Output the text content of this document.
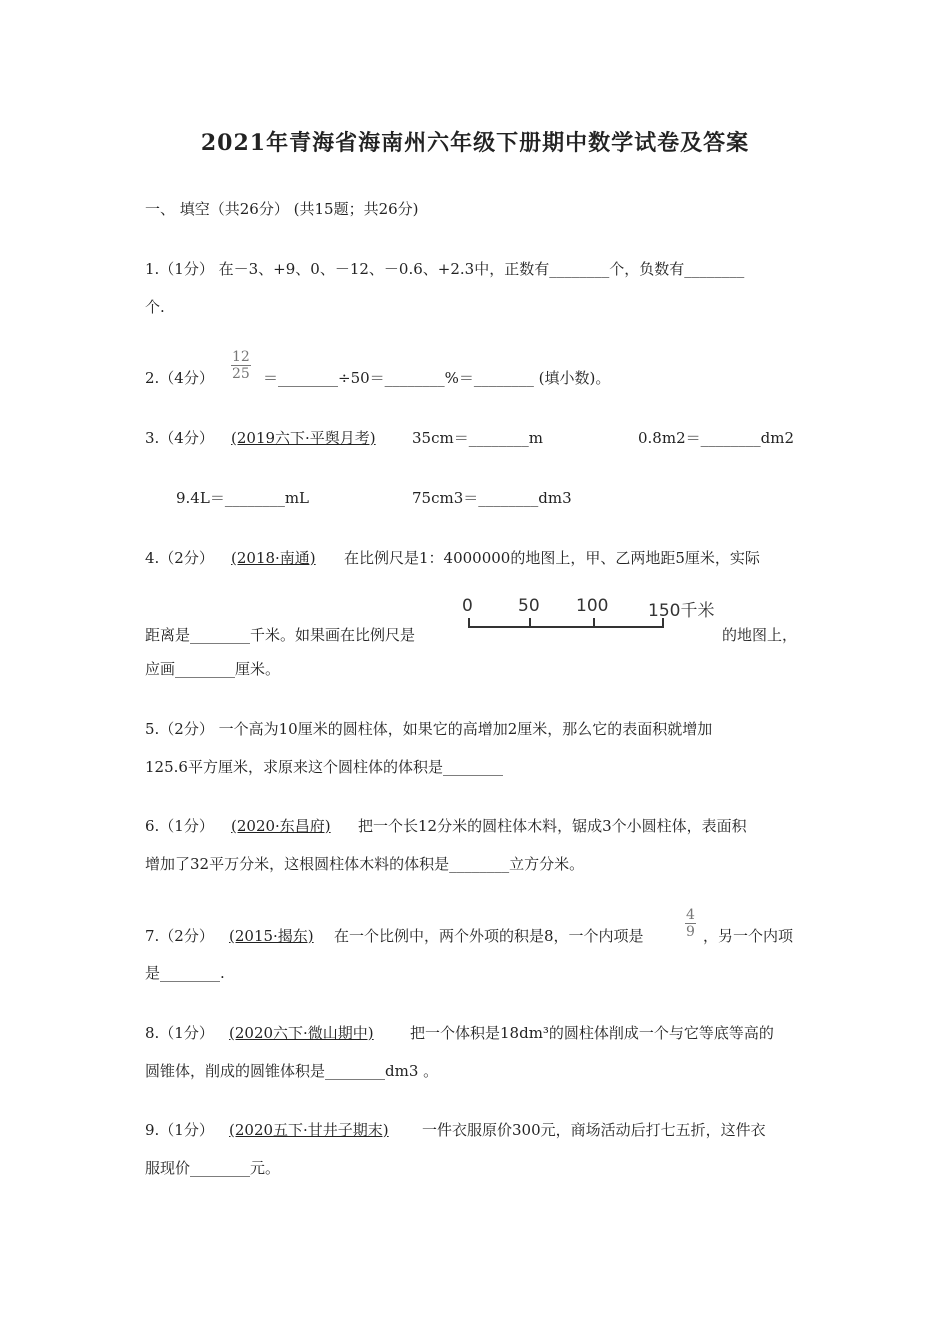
2021年青海省海南州六年级下册期中数学试卷及答案
一、 填空（共26分） (共15题；共26分)
1.（1分） 在－3、+9、0、－12、－0.6、+2.3中，正数有________个，负数有________
个.
2.（4分） $\frac{12}{25}$ ＝________÷50＝________%＝________ (填小数)。
3.（4分） (2019六下·平舆月考) 35cm＝________m	0.8m2＝________dm2
9.4L＝________mL	75cm3＝________dm3
4.（2分） (2018·南通) 在比例尺是1：4000000的地图上，甲、乙两地距5厘米，实际
距离是________千米。如果画在比例尺是
0	50 100 150千米
的地图上，
应画________厘米。
5.（2分） 一个高为10厘米的圆柱体，如果它的高增加2厘米，那么它的表面积就增加
125.6平方厘米，求原来这个圆柱体的体积是________
6.（1分） (2020·东昌府) 把一个长12分米的圆柱体木料，锯成3个小圆柱体，表面积
增加了32平万分米，这根圆柱体木料的体积是________立方分米。
7.（2分） (2015·揭东) 在一个比例中，两个外项的积是8，一个内项是	$\frac{4}{9}$ ，另一个内项
是________.
8.（1分） (2020六下·微山期中) 把一个体积是18dm³的圆柱体削成一个与它等底等高的
圆锥体，削成的圆锥体积是________dm3 。
9.（1分） (2020五下·甘井子期末) 一件衣服原价300元，商场活动后打七五折，这件衣
服现价________元。
